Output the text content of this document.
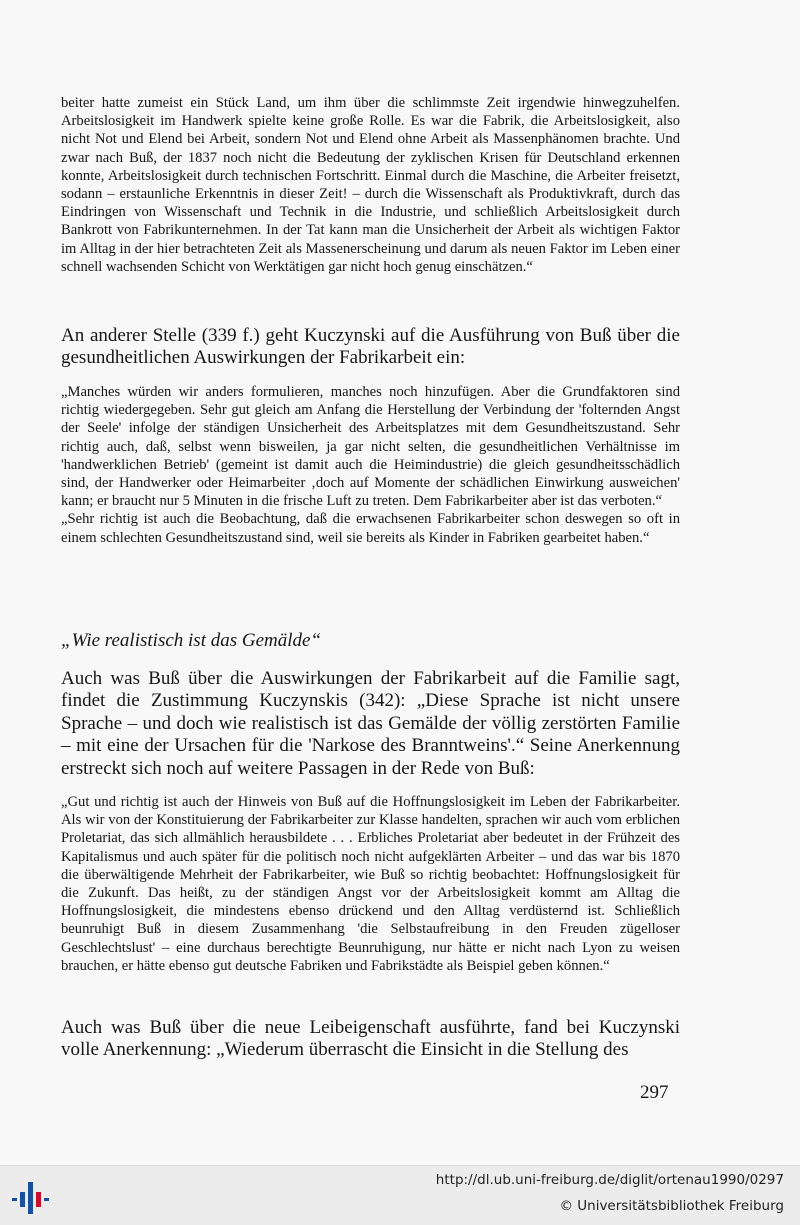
beiter hatte zumeist ein Stück Land, um ihm über die schlimmste Zeit irgendwie hinwegzuhelfen. Arbeitslosigkeit im Handwerk spielte keine große Rolle. Es war die Fabrik, die Arbeitslosigkeit, also nicht Not und Elend bei Arbeit, sondern Not und Elend ohne Arbeit als Massenphänomen brachte. Und zwar nach Buß, der 1837 noch nicht die Bedeutung der zyklischen Krisen für Deutschland erkennen konnte, Arbeitslosigkeit durch technischen Fortschritt. Einmal durch die Maschine, die Arbeiter freisetzt, sodann – erstaunliche Erkenntnis in dieser Zeit! – durch die Wissenschaft als Produktivkraft, durch das Eindringen von Wissenschaft und Technik in die Industrie, und schließlich Arbeitslosigkeit durch Bankrott von Fabrikunternehmen. In der Tat kann man die Unsicherheit der Arbeit als wichtigen Faktor im Alltag in der hier betrachteten Zeit als Massenerscheinung und darum als neuen Faktor im Leben einer schnell wachsenden Schicht von Werktätigen gar nicht hoch genug einschätzen.“

An anderer Stelle (339 f.) geht Kuczynski auf die Ausführung von Buß über die gesundheitlichen Auswirkungen der Fabrikarbeit ein:

„Manches würden wir anders formulieren, manches noch hinzufügen. Aber die Grundfaktoren sind richtig wiedergegeben. Sehr gut gleich am Anfang die Herstellung der Verbindung der 'folternden Angst der Seele' infolge der ständigen Unsicherheit des Arbeitsplatzes mit dem Gesundheitszustand. Sehr richtig auch, daß, selbst wenn bisweilen, ja gar nicht selten, die gesundheitlichen Verhältnisse im 'handwerklichen Betrieb' (gemeint ist damit auch die Heimindustrie) die gleich gesundheitsschädlich sind, der Handwerker oder Heimarbeiter ‚doch auf Momente der schädlichen Einwirkung ausweichen' kann; er braucht nur 5 Minuten in die frische Luft zu treten. Dem Fabrikarbeiter aber ist das verboten.“

„Sehr richtig ist auch die Beobachtung, daß die erwachsenen Fabrikarbeiter schon deswegen so oft in einem schlechten Gesundheitszustand sind, weil sie bereits als Kinder in Fabriken gearbeitet haben.“

„Wie realistisch ist das Gemälde“

Auch was Buß über die Auswirkungen der Fabrikarbeit auf die Familie sagt, findet die Zustimmung Kuczynskis (342): „Diese Sprache ist nicht unsere Sprache – und doch wie realistisch ist das Gemälde der völlig zerstörten Familie – mit eine der Ursachen für die 'Narkose des Branntweins'.“ Seine Anerkennung erstreckt sich noch auf weitere Passagen in der Rede von Buß:

„Gut und richtig ist auch der Hinweis von Buß auf die Hoffnungslosigkeit im Leben der Fabrikarbeiter. Als wir von der Konstituierung der Fabrikarbeiter zur Klasse handelten, sprachen wir auch vom erblichen Proletariat, das sich allmählich herausbildete . . . Erbliches Proletariat aber bedeutet in der Frühzeit des Kapitalismus und auch später für die politisch noch nicht aufgeklärten Arbeiter – und das war bis 1870 die überwältigende Mehrheit der Fabrikarbeiter, wie Buß so richtig beobachtet: Hoffnungslosigkeit für die Zukunft. Das heißt, zu der ständigen Angst vor der Arbeitslosigkeit kommt am Alltag die Hoffnungslosigkeit, die mindestens ebenso drückend und den Alltag verdüsternd ist. Schließlich beunruhigt Buß in diesem Zusammenhang 'die Selbstaufreibung in den Freuden zügelloser Geschlechtslust' – eine durchaus berechtigte Beunruhigung, nur hätte er nicht nach Lyon zu weisen brauchen, er hätte ebenso gut deutsche Fabriken und Fabrikstädte als Beispiel geben können.“

Auch was Buß über die neue Leibeigenschaft ausführte, fand bei Kuczynski volle Anerkennung: „Wiederum überrascht die Einsicht in die Stellung des

297
http://dl.ub.uni-freiburg.de/diglit/ortenau1990/0297
© Universitätsbibliothek Freiburg
